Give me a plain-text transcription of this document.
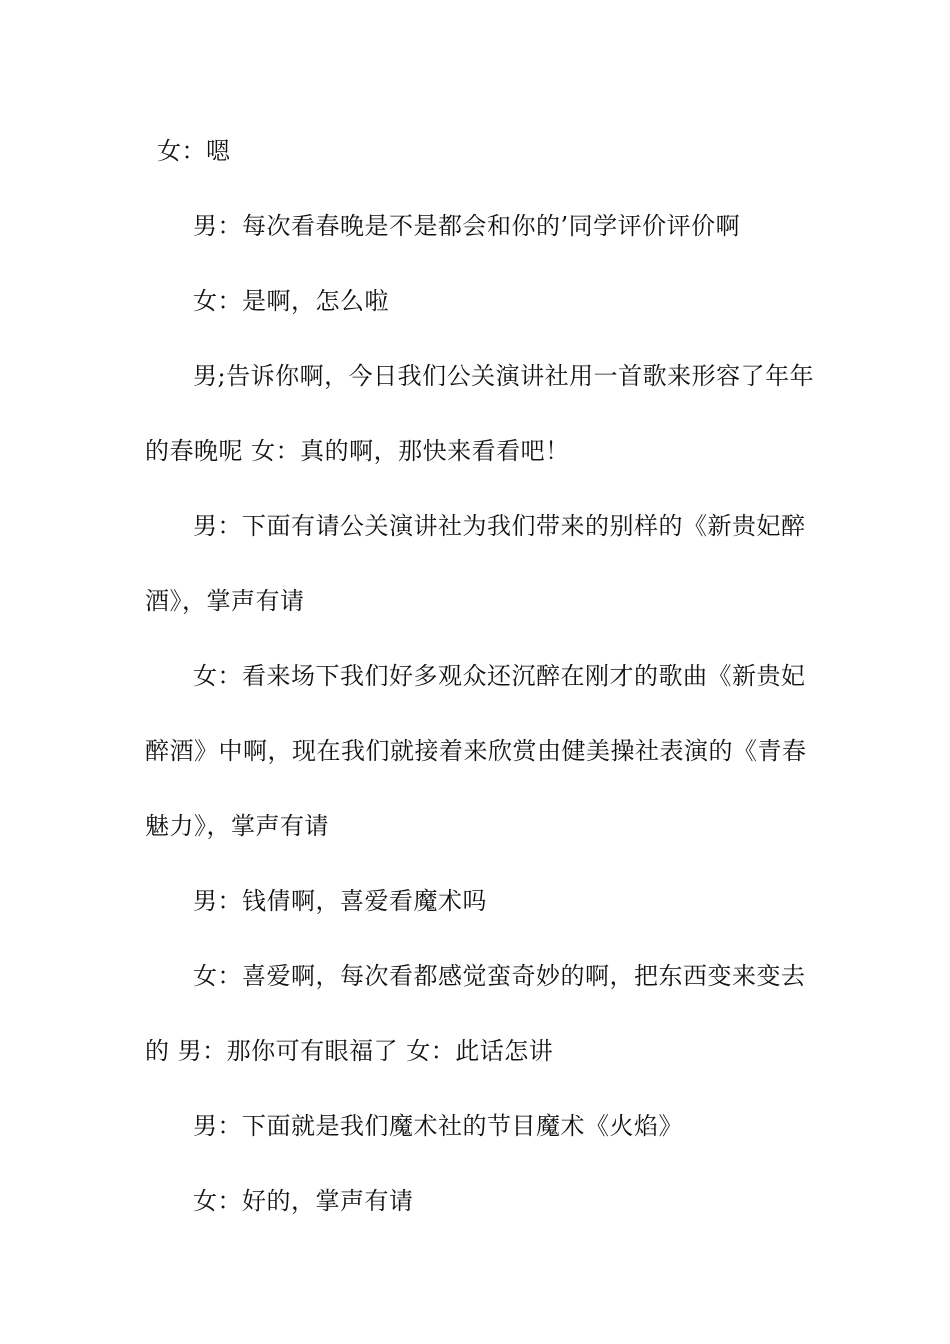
女：嗯
男：每次看春晚是不是都会和你的’同学评价评价啊
女：是啊，怎么啦
男;告诉你啊，今日我们公关演讲社用一首歌来形容了年年
的春晚呢 女：真的啊，那快来看看吧！
男：下面有请公关演讲社为我们带来的别样的《新贵妃醉
酒》，掌声有请
女：看来场下我们好多观众还沉醉在刚才的歌曲《新贵妃
醉酒》中啊，现在我们就接着来欣赏由健美操社表演的《青春
魅力》，掌声有请
男：钱倩啊，喜爱看魔术吗
女：喜爱啊，每次看都感觉蛮奇妙的啊，把东西变来变去
的 男：那你可有眼福了 女：此话怎讲
男：下面就是我们魔术社的节目魔术《火焰》
女：好的，掌声有请
